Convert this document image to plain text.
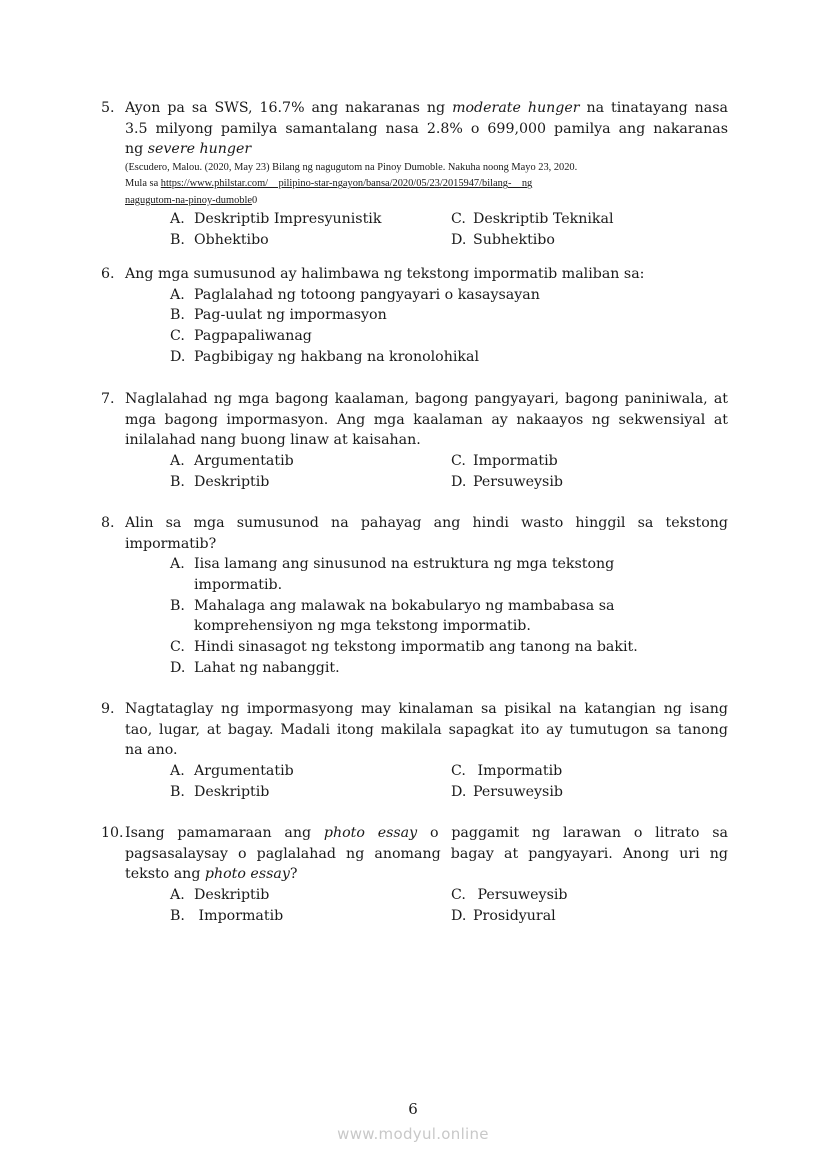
5. Ayon pa sa SWS, 16.7% ang nakaranas ng moderate hunger na tinatayang nasa
3.5 milyong pamilya samantalang nasa 2.8% o 699,000 pamilya ang nakaranas
ng severe hunger
(Escudero, Malou. (2020, May 23) Bilang ng nagugutom na Pinoy Dumoble. Nakuha noong Mayo 23, 2020.
Mula sa https://www.philstar.com/    pilipino-star-ngayon/bansa/2020/05/23/2015947/bilang-    ng
nagugutom-na-pinoy-dumoble0
A. Deskriptib Impresyunistik	C. Deskriptib Teknikal
B. Obhektibo	D. Subhektibo
6. Ang mga sumusunod ay halimbawa ng tekstong impormatib maliban sa:
A. Paglalahad ng totoong pangyayari o kasaysayan
B. Pag-uulat ng impormasyon
C. Pagpapaliwanag
D. Pagbibigay ng hakbang na kronolohikal
7. Naglalahad ng mga bagong kaalaman, bagong pangyayari, bagong paniniwala, at
mga bagong impormasyon. Ang mga kaalaman ay nakaayos ng sekwensiyal at
inilalahad nang buong linaw at kaisahan.
A. Argumentatib	C. Impormatib
B. Deskriptib	D. Persuweysib
8. Alin sa mga sumusunod na pahayag ang hindi wasto hinggil sa tekstong
impormatib?
A. Iisa lamang ang sinusunod na estruktura ng mga tekstong
impormatib.
B. Mahalaga ang malawak na bokabularyo ng mambabasa sa
komprehensiyon ng mga tekstong impormatib.
C. Hindi sinasagot ng tekstong impormatib ang tanong na bakit.
D. Lahat ng nabanggit.
9. Nagtataglay ng impormasyong may kinalaman sa pisikal na katangian ng isang
tao, lugar, at bagay. Madali itong makilala sapagkat ito ay tumutugon sa tanong
na ano.
A. Argumentatib	C. Impormatib
B. Deskriptib	D. Persuweysib
10. Isang pamamaraan ang photo essay o paggamit ng larawan o litrato sa
pagsasalaysay o paglalahad ng anomang bagay at pangyayari. Anong uri ng
teksto ang photo essay?
A. Deskriptib	C. Persuweysib
B. Impormatib	D. Prosidyural
6
www.modyul.online
